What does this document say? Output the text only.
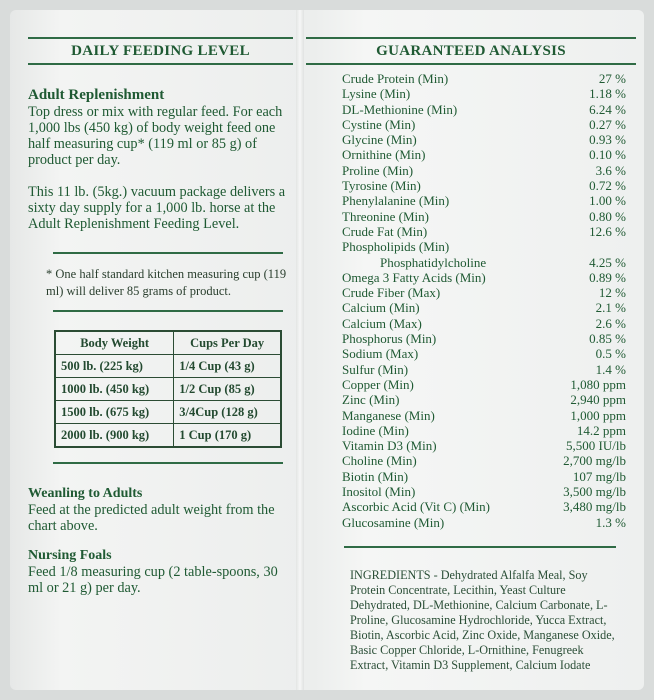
DAILY FEEDING LEVEL
Adult Replenishment

Top dress or mix with regular feed. For each 1,000 lbs (450 kg) of body weight feed one half measuring cup* (119 ml or 85 g) of product per day.

This 11 lb. (5kg.) vacuum package delivers a sixty day supply for a 1,000 lb. horse at the Adult Replenishment Feeding Level.

* One half standard kitchen measuring cup (119 ml) will deliver 85 grams of product.
Body Weight	Cups Per Day
500 lb. (225 kg)	1/4 Cup (43 g)
1000 lb. (450 kg)	1/2 Cup (85 g)
1500 lb. (675 kg)	3/4Cup (128 g)
2000 lb. (900 kg)	1 Cup (170 g)
Weanling to Adults

Feed at the predicted adult weight from the chart above.

Nursing Foals

Feed 1/8 measuring cup (2 table-spoons, 30 ml or 21 g) per day.

GUARANTEED ANALYSIS
Crude Protein (Min)	27 %
Lysine (Min)	1.18 %
DL-Methionine (Min)	6.24 %
Cystine (Min)	0.27 %
Glycine (Min)	0.93 %
Ornithine (Min)	0.10 %
Proline (Min)	3.6 %
Tyrosine (Min)	0.72 %
Phenylalanine (Min)	1.00 %
Threonine (Min)	0.80 %
Crude Fat (Min)	12.6 %
Phospholipids (Min)
Phosphatidylcholine	4.25 %
Omega 3 Fatty Acids (Min)	0.89 %
Crude Fiber (Max)	12 %
Calcium (Min)	2.1 %
Calcium (Max)	2.6 %
Phosphorus (Min)	0.85 %
Sodium (Max)	0.5 %
Sulfur (Min)	1.4 %
Copper (Min)	1,080 ppm
Zinc (Min)	2,940 ppm
Manganese (Min)	1,000 ppm
Iodine (Min)	14.2 ppm
Vitamin D3 (Min)	5,500 IU/lb
Choline (Min)	2,700 mg/lb
Biotin (Min)	107 mg/lb
Inositol (Min)	3,500 mg/lb
Ascorbic Acid (Vit C) (Min)	3,480 mg/lb
Glucosamine (Min)	1.3 %
INGREDIENTS - Dehydrated Alfalfa Meal, Soy Protein Concentrate, Lecithin, Yeast Culture Dehydrated, DL-Methionine, Calcium Carbonate, L-Proline, Glucosamine Hydrochloride, Yucca Extract, Biotin, Ascorbic Acid, Zinc Oxide, Manganese Oxide, Basic Copper Chloride, L-Ornithine, Fenugreek Extract, Vitamin D3 Supplement, Calcium Iodate
